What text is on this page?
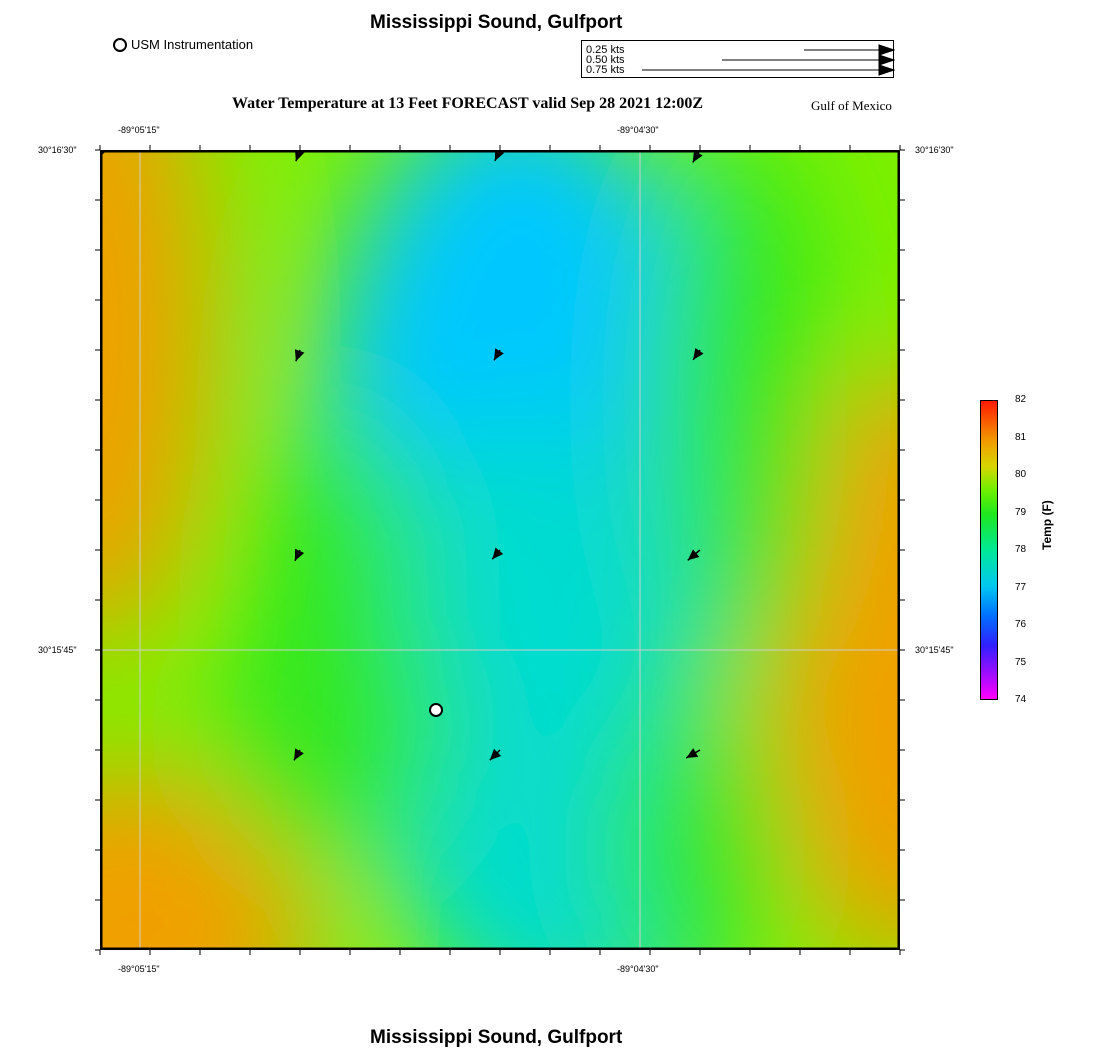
Mississippi Sound, Gulfport
USM Instrumentation	0.25 kts
0.50 kts
0.75 kts
Water Temperature at 13 Feet FORECAST valid Sep 28 2021 12:00Z	Gulf of Mexico
-89°05'15"	-89°04'30"
-89°05'15"	-89°04'30"
30°16'30"
30°15'45"
30°16'30"
30°15'45"
82
81
80
79
78
77
76
75
74
Temp (F)
Mississippi Sound, Gulfport
